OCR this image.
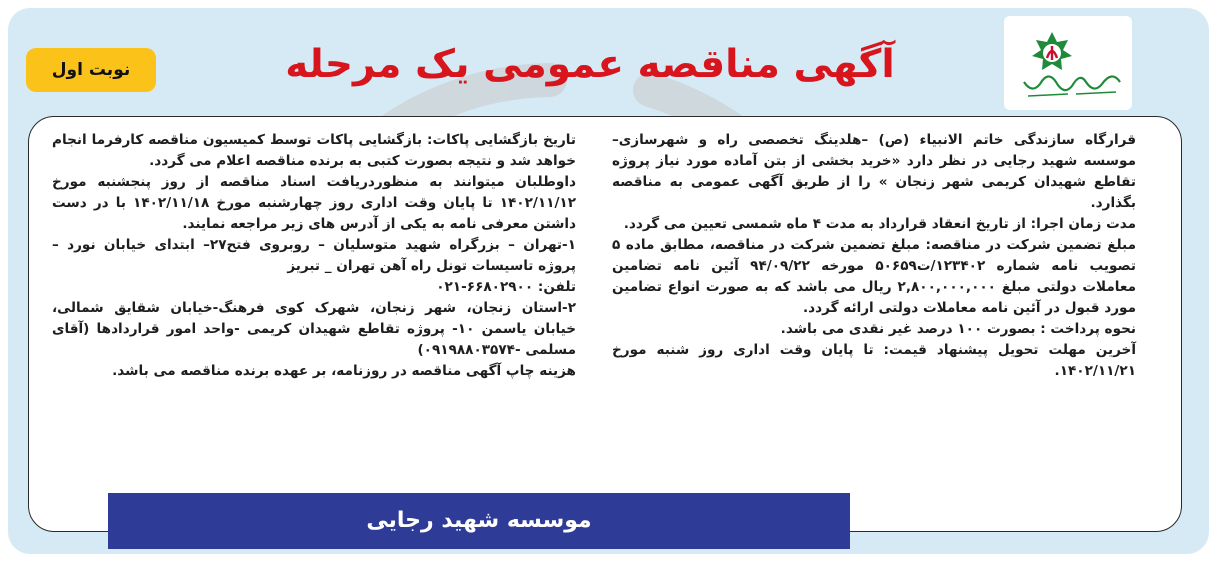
آگهی مناقصه عمومی یک مرحله
نوبت اول

قرارگاه سازندگی خاتم الانبیاء (ص) –هلدینگ تخصصی راه و شهرسازی– موسسه شهید رجایی در نظر دارد «خرید بخشی از بتن آماده مورد نیاز پروژه تقاطع شهیدان کریمی شهر زنجان » را از طریق آگهی عمومی به مناقصه بگذارد.

مدت زمان اجرا: از تاریخ انعقاد قرارداد به مدت ۴ ماه شمسی تعیین می گردد.

مبلغ تضمین شرکت در مناقصه: مبلغ تضمین شرکت در مناقصه، مطابق ماده ۵ تصویب نامه شماره ۱۲۳۴۰۲/ت۵۰۶۵۹ مورخه ۹۴/۰۹/۲۲ آئین نامه تضامین معاملات دولتی مبلغ ۲,۸۰۰,۰۰۰,۰۰۰ ریال می باشد که به صورت انواع تضامین مورد قبول در آئین نامه معاملات دولتی ارائه گردد.

نحوه پرداخت : بصورت ۱۰۰ درصد غیر نقدی می باشد.

آخرین مهلت تحویل پیشنهاد قیمت: تا پایان وقت اداری روز شنبه مورخ ۱۴۰۲/۱۱/۲۱.

تاریخ بازگشایی پاکات: بازگشایی پاکات توسط کمیسیون مناقصه کارفرما انجام خواهد شد و نتیجه بصورت کتبی به برنده مناقصه اعلام می گردد.

داوطلبان میتوانند به منظوردریافت اسناد مناقصه از روز پنجشنبه مورخ ۱۴۰۲/۱۱/۱۲ تا پایان وقت اداری روز چهارشنبه مورخ ۱۴۰۲/۱۱/۱۸ با در دست داشتن معرفی نامه به یکی از آدرس های زیر مراجعه نمایند.

۱-تهران – بزرگراه شهید متوسلیان – روبروی فتح۲۷– ابتدای خیابان نورد – پروژه تاسیسات تونل راه آهن تهران _ تبریز

تلفن: ۶۶۸۰۲۹۰۰-۰۲۱

۲-استان زنجان، شهر زنجان، شهرک کوی فرهنگ-خیابان شقایق شمالی، خیابان یاسمن ۱۰- پروژه تقاطع شهیدان کریمی -واحد امور قراردادها (آقای مسلمی -۰۹۱۹۸۸۰۳۵۷۴)

هزینه چاپ آگهی مناقصه در روزنامه، بر عهده برنده مناقصه می باشد.

موسسه شهید رجایی
